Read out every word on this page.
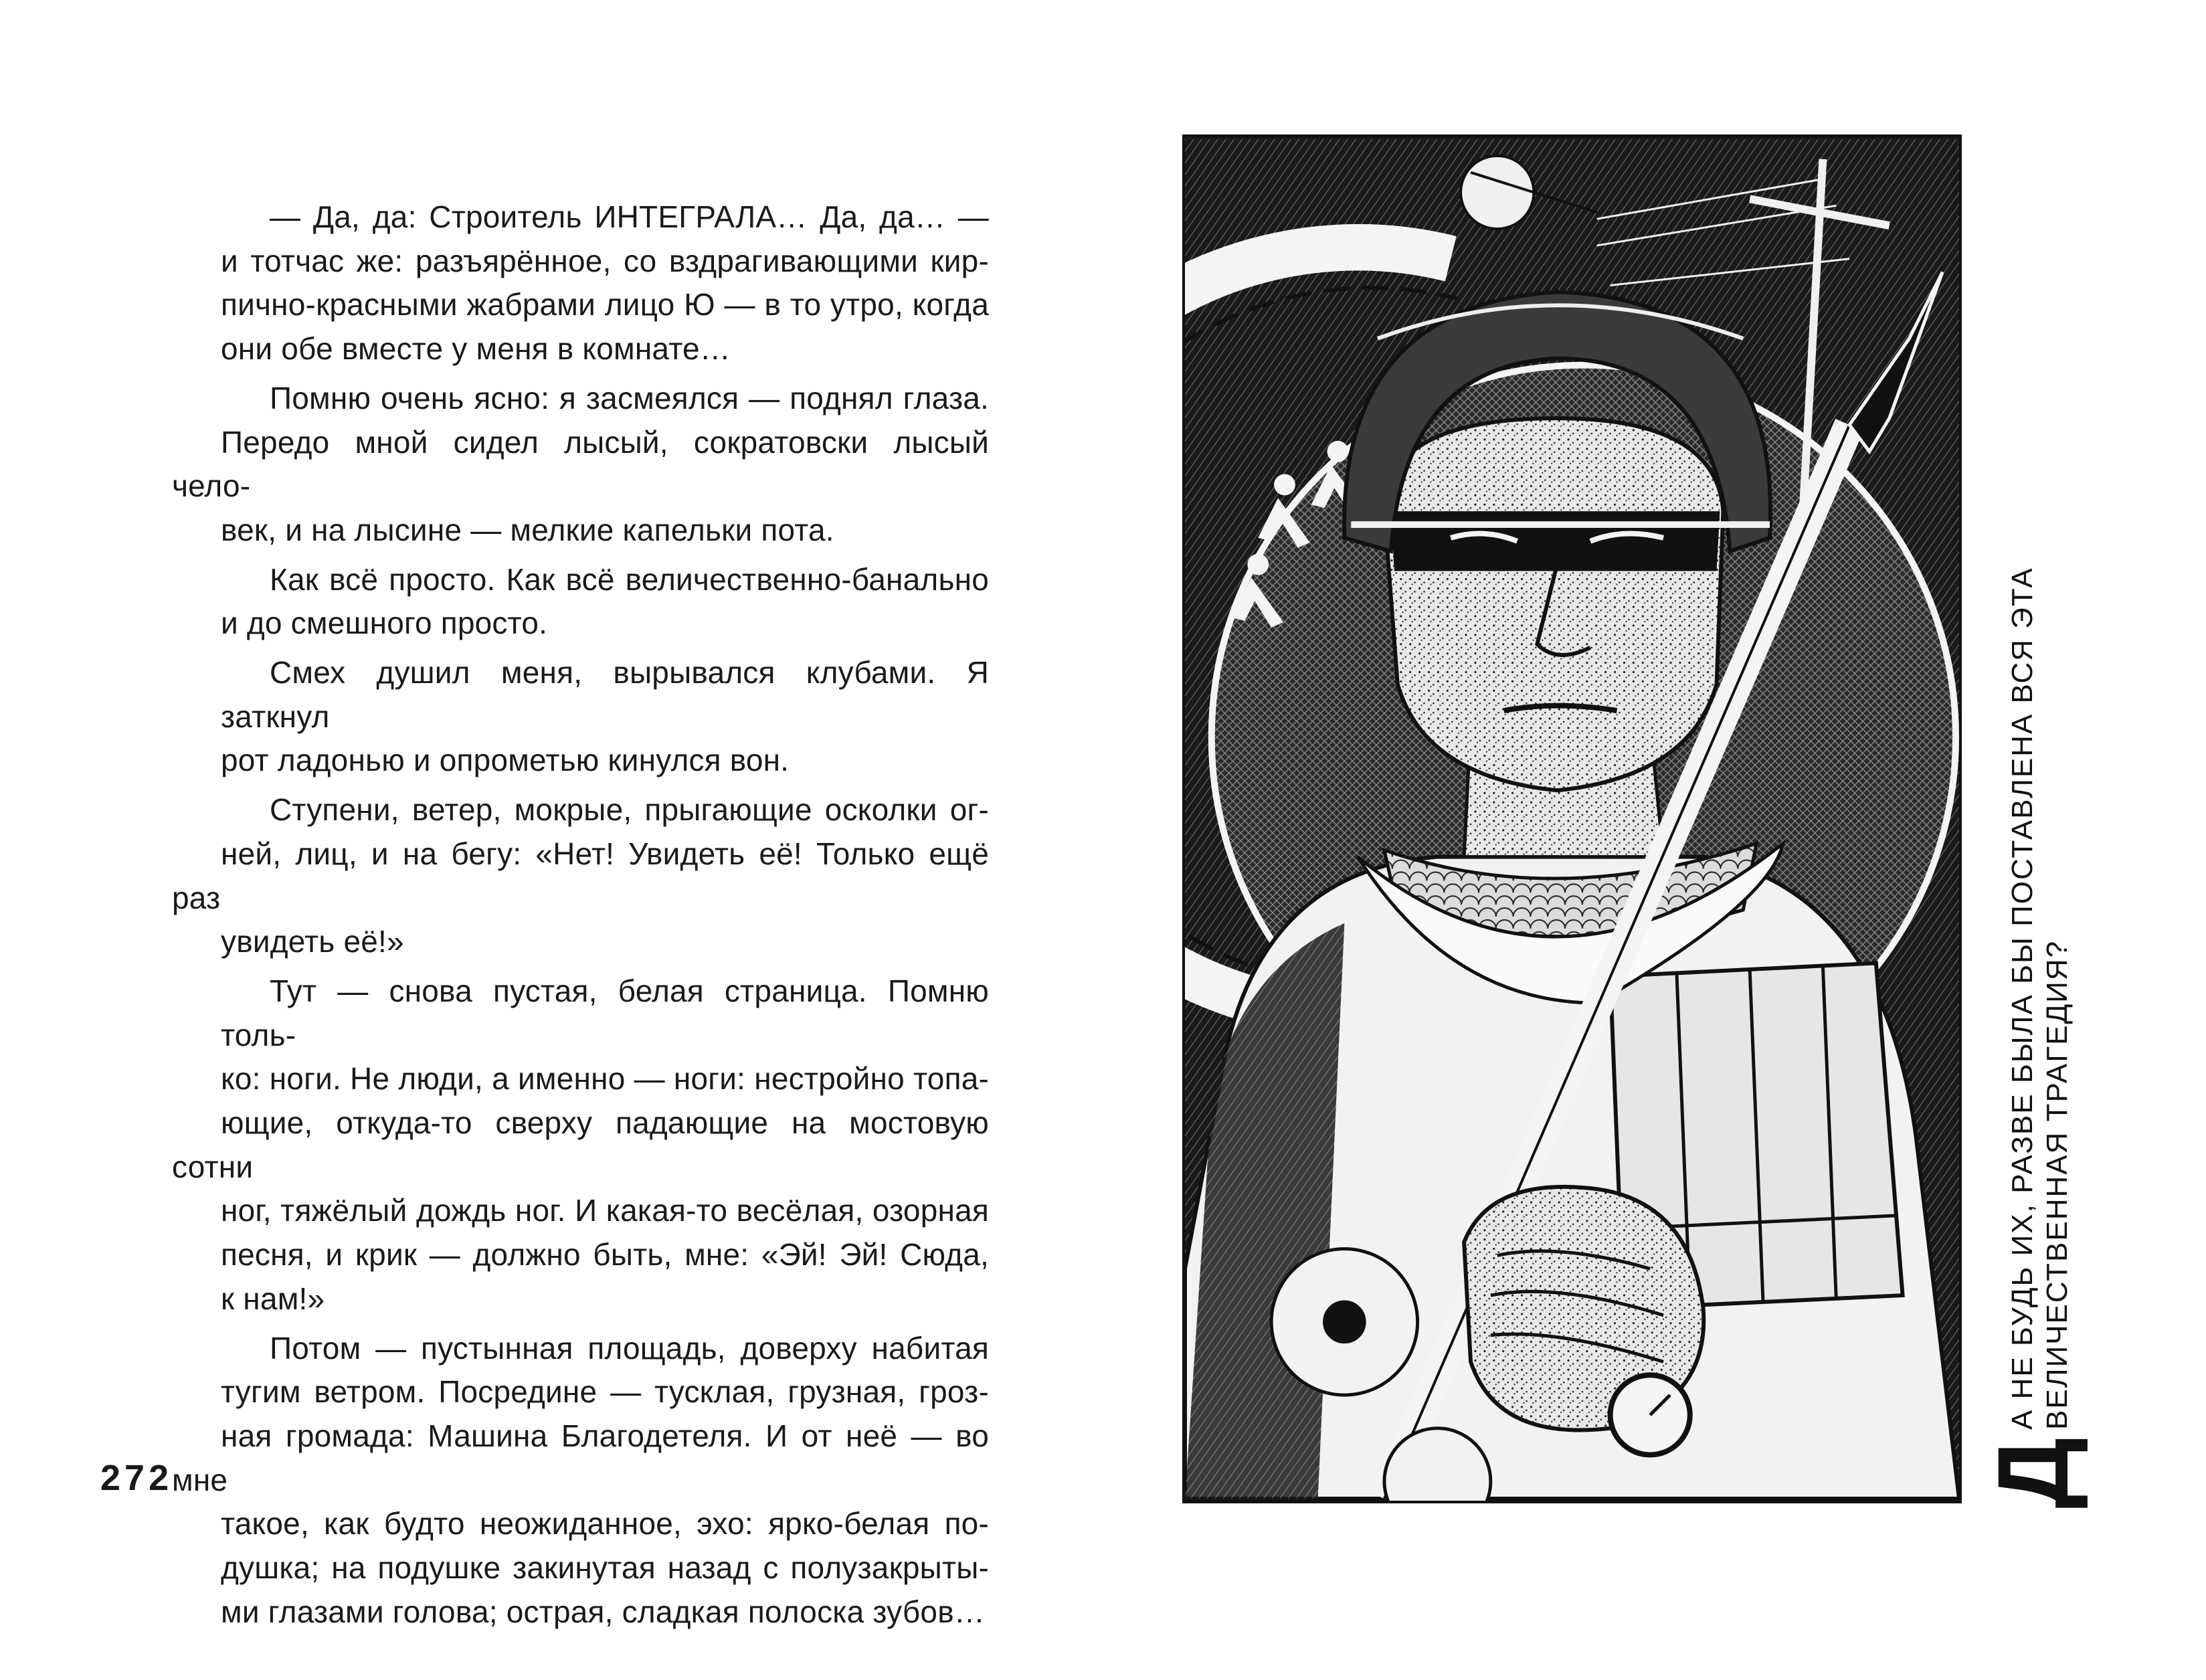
— Да, да: Строитель ИНТЕГРАЛА… Да, да… —
и тотчас же: разъярённое, со вздрагивающими кир-
пично-красными жабрами лицо Ю — в то утро, когда
они обе вместе у меня в комнате…

Помню очень ясно: я засмеялся — поднял глаза.
Передо мной сидел лысый, сократовски лысый чело-
век, и на лысине — мелкие капельки пота.

Как всё просто. Как всё величественно-банально
и до смешного просто.

Смех душил меня, вырывался клубами. Я заткнул
рот ладонью и опрометью кинулся вон.

Ступени, ветер, мокрые, прыгающие осколки ог-
ней, лиц, и на бегу: «Нет! Увидеть её! Только ещё раз
увидеть её!»

Тут — снова пустая, белая страница. Помню толь-
ко: ноги. Не люди, а именно — ноги: нестройно топа-
ющие, откуда-то сверху падающие на мостовую сотни
ног, тяжёлый дождь ног. И какая-то весёлая, озорная
песня, и крик — должно быть, мне: «Эй! Эй! Сюда,
к нам!»

Потом — пустынная площадь, доверху набитая
тугим ветром. Посредине — тусклая, грузная, гроз-
ная громада: Машина Благодетеля. И от неё — во мне
такое, как будто неожиданное, эхо: ярко-белая по-
душка; на подушке закинутая назад с полузакрыты-
ми глазами голова; острая, сладкая полоска зубов…

272	Д
А НЕ БУДЬ ИХ, РАЗВЕ БЫЛА БЫ ПОСТАВЛЕНА ВСЯ ЭТА ВЕЛИЧЕСТВЕННАЯ ТРАГЕДИЯ?
